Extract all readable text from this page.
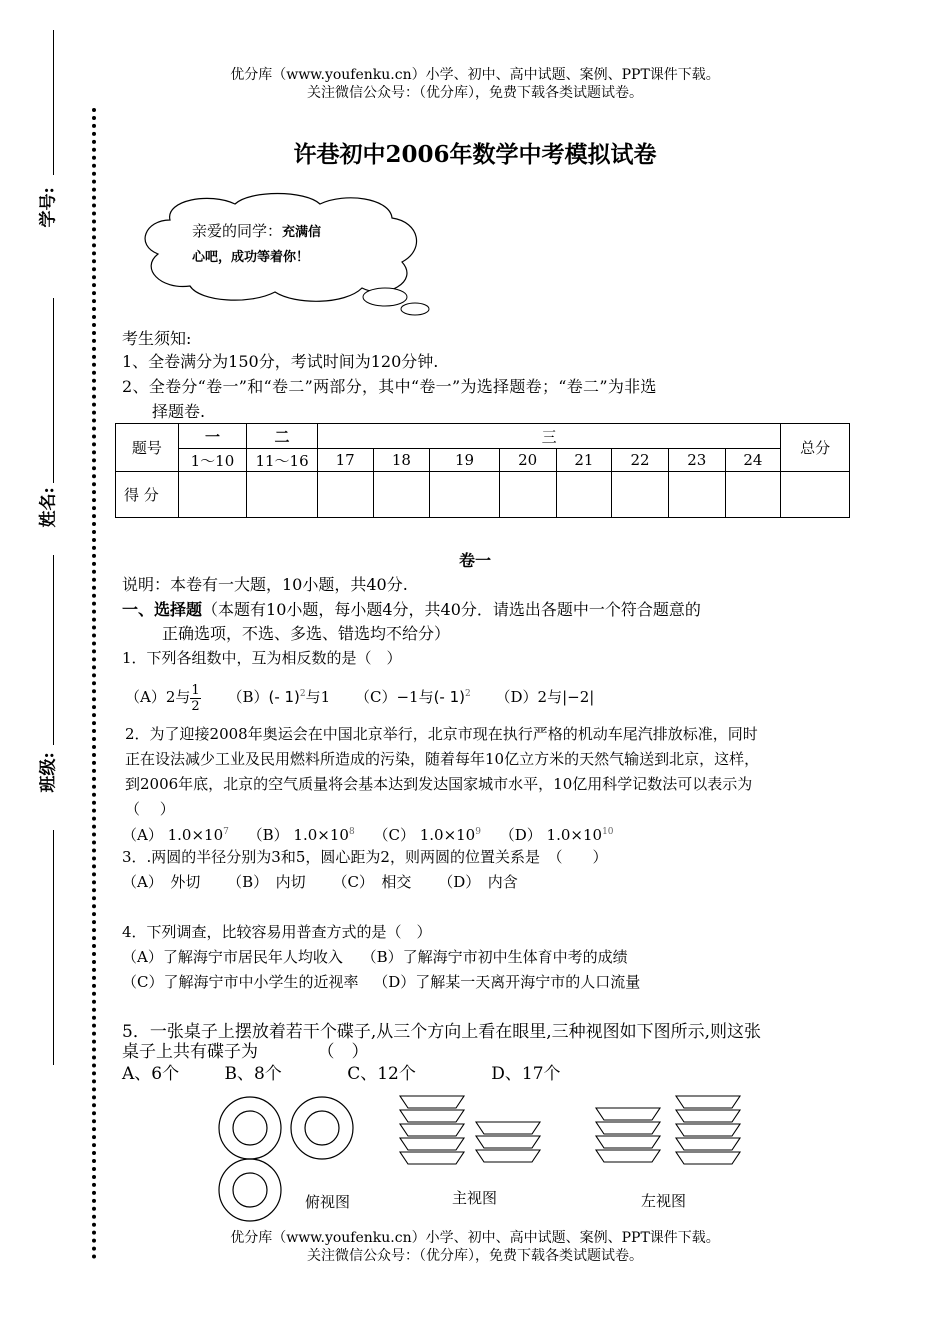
优分库（www.youfenku.cn）小学、初中、高中试题、案例、PPT课件下载。
关注微信公众号：（优分库），免费下载各类试题试卷。
学号:
姓名:
班级:
许巷初中2006年数学中考模拟试卷
亲爱的同学：充满信
心吧，成功等着你！
考生须知:
1、全卷满分为150分，考试时间为120分钟.
2、全卷分“卷一”和“卷二”两部分，其中“卷一”为选择题卷；“卷二”为非选
择题卷.
题号	一	二	三								总分
	1～10	11～16	17	18	19	20	21	22	23	24	
得 分											
卷一
说明：本卷有一大题，10小题，共40分.
一、选择题（本题有10小题，每小题4分，共40分．请选出各题中一个符合题意的
正确选项，不选、多选、错选均不给分）
1．下列各组数中，互为相反数的是（　）
（A）2与 $\frac{1}{2} (B)(-$ 1)$^2$与1 （C）−1与(- 1)$^2$ （D）2与|−2|
2．为了迎接2008年奥运会在中国北京举行，北京市现在执行严格的机动车尾汽排放标准，同时
正在设法减少工业及民用燃料所造成的污染，随着每年10亿立方米的天然气输送到北京，这样，
到2006年底，北京的空气质量将会基本达到发达国家城市水平，10亿用科学记数法可以表示为
（　 ）
（A） $1.0\times 10^7$ （B） $1.0\times 10^8$ （C） $1.0\times 10^9$ （D） $1.0\times 10^{10}$
3．.两圆的半径分别为3和5，圆心距为2，则两圆的位置关系是　（　　）
（A）　外切 （B）　内切 （C）　相交 （D）　内含
4．下列调查，比较容易用普查方式的是（　）
（A）了解海宁市居民年人均收入 （B）了解海宁市初中生体育中考的成绩
（C）了解海宁市中小学生的近视率 （D）了解某一天离开海宁市的人口流量
5．一张桌子上摆放着若干个碟子,从三个方向上看在眼里,三种视图如下图所示,则这张
桌子上共有碟子为　　　　（　）
A、6个	B、8个	C、12个	D、17个
俯视图	主视图	左视图
优分库（www.youfenku.cn）小学、初中、高中试题、案例、PPT课件下载。
关注微信公众号：（优分库），免费下载各类试题试卷。
